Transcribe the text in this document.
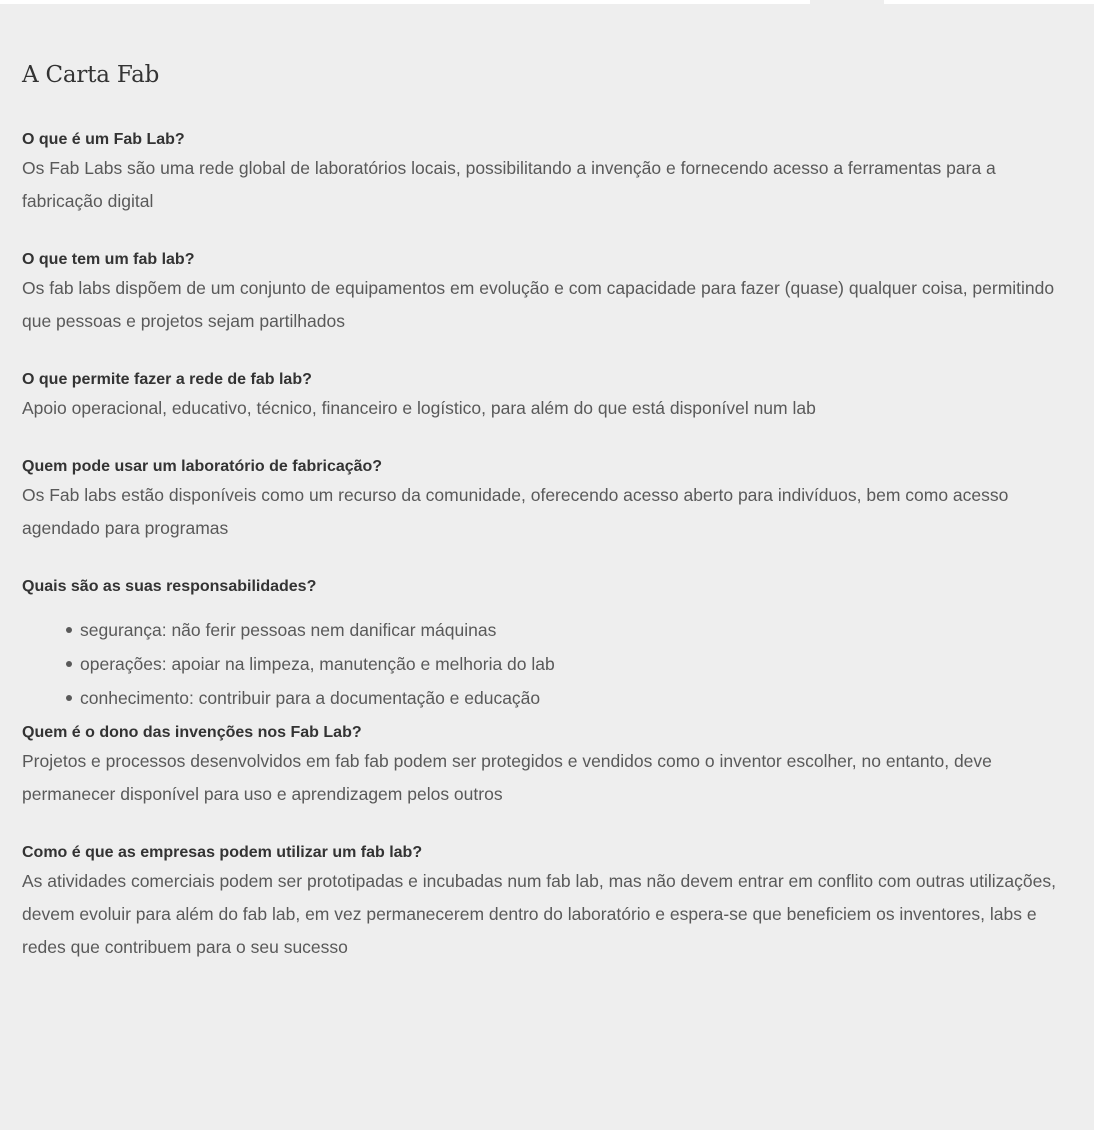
A Carta Fab

O que é um Fab Lab?

Os Fab Labs são uma rede global de laboratórios locais, possibilitando a invenção e fornecendo acesso a ferramentas para a fabricação digital

O que tem um fab lab?

Os fab labs dispõem de um conjunto de equipamentos em evolução e com capacidade para fazer (quase) qualquer coisa, permitindo que pessoas e projetos sejam partilhados

O que permite fazer a rede de fab lab?

Apoio operacional, educativo, técnico, financeiro e logístico, para além do que está disponível num lab

Quem pode usar um laboratório de fabricação?

Os Fab labs estão disponíveis como um recurso da comunidade, oferecendo acesso aberto para indivíduos, bem como acesso agendado para programas

Quais são as suas responsabilidades?

segurança: não ferir pessoas nem danificar máquinas
operações: apoiar na limpeza, manutenção e melhoria do lab
conhecimento: contribuir para a documentação e educação

Quem é o dono das invenções nos Fab Lab?

Projetos e processos desenvolvidos em fab fab podem ser protegidos e vendidos como o inventor escolher, no entanto, deve permanecer disponível para uso e aprendizagem pelos outros

Como é que as empresas podem utilizar um fab lab?

As atividades comerciais podem ser prototipadas e incubadas num fab lab, mas não devem entrar em conflito com outras utilizações, devem evoluir para além do fab lab, em vez permanecerem dentro do laboratório e espera-se que beneficiem os inventores, labs e redes que contribuem para o seu sucesso
